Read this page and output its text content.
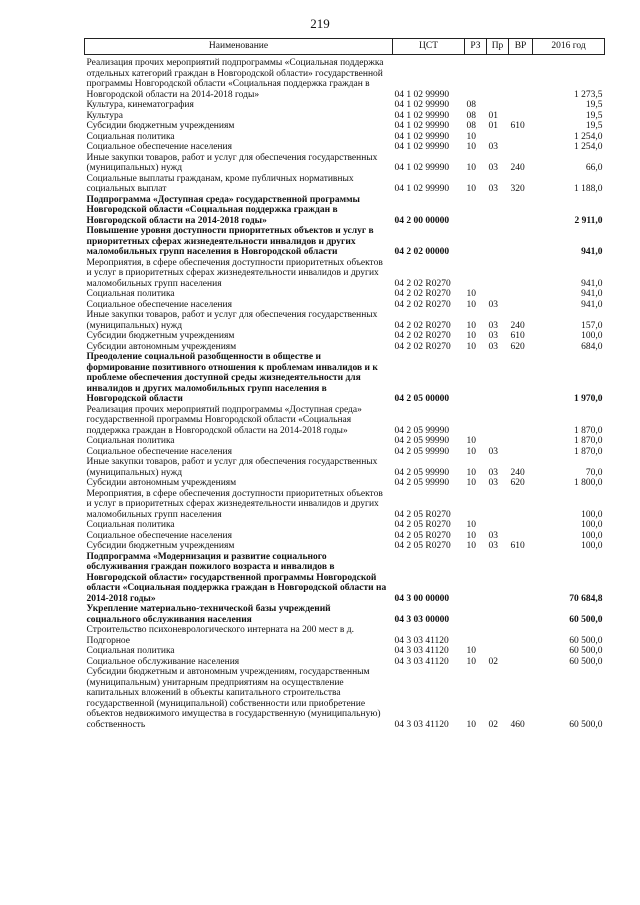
219
Наименование	ЦСТ	РЗ	Пр	ВР	2016 год

Реализация прочих мероприятий подпрограммы «Социальная поддержка отдельных категорий граждан в Новгородской области» государственной программы Новгородской области «Социальная поддержка граждан в Новгородской области на 2014-2018 годы»	04 1 02 99990				1 273,5
Культура, кинематография	04 1 02 99990	08			19,5
Культура	04 1 02 99990	08	01		19,5
Субсидии бюджетным учреждениям	04 1 02 99990	08	01	610	19,5
Социальная политика	04 1 02 99990	10			1 254,0
Социальное обеспечение населения	04 1 02 99990	10	03		1 254,0
Иные закупки товаров, работ и услуг для обеспечения государственных (муниципальных) нужд	04 1 02 99990	10	03	240	66,0
Социальные выплаты гражданам, кроме публичных нормативных социальных выплат	04 1 02 99990	10	03	320	1 188,0
Подпрограмма «Доступная среда» государственной программы Новгородской области «Социальная поддержка граждан в Новгородской области на 2014-2018 годы»	04 2 00 00000				2 911,0
Повышение уровня доступности приоритетных объектов и услуг в приоритетных сферах жизнедеятельности инвалидов и других маломобильных групп населения в Новгородской области	04 2 02 00000				941,0
Мероприятия, в сфере обеспечения доступности приоритетных объектов и услуг в приоритетных сферах жизнедеятельности инвалидов и других маломобильных групп населения	04 2 02 R0270				941,0
Социальная политика	04 2 02 R0270	10			941,0
Социальное обеспечение населения	04 2 02 R0270	10	03		941,0
Иные закупки товаров, работ и услуг для обеспечения государственных (муниципальных) нужд	04 2 02 R0270	10	03	240	157,0
Субсидии бюджетным учреждениям	04 2 02 R0270	10	03	610	100,0
Субсидии автономным учреждениям	04 2 02 R0270	10	03	620	684,0
Преодоление социальной разобщенности в обществе и формирование позитивного отношения к проблемам инвалидов и к проблеме обеспечения доступной среды жизнедеятельности для инвалидов и других маломобильных групп населения в Новгородской области	04 2 05 00000				1 970,0
Реализация прочих мероприятий подпрограммы «Доступная среда» государственной программы Новгородской области «Социальная поддержка граждан в Новгородской области на 2014-2018 годы»	04 2 05 99990				1 870,0
Социальная политика	04 2 05 99990	10			1 870,0
Социальное обеспечение населения	04 2 05 99990	10	03		1 870,0
Иные закупки товаров, работ и услуг для обеспечения государственных (муниципальных) нужд	04 2 05 99990	10	03	240	70,0
Субсидии автономным учреждениям	04 2 05 99990	10	03	620	1 800,0
Мероприятия, в сфере обеспечения доступности приоритетных объектов и услуг в приоритетных сферах жизнедеятельности инвалидов и других маломобильных групп населения	04 2 05 R0270				100,0
Социальная политика	04 2 05 R0270	10			100,0
Социальное обеспечение населения	04 2 05 R0270	10	03		100,0
Субсидии бюджетным учреждениям	04 2 05 R0270	10	03	610	100,0
Подпрограмма «Модернизация и развитие социального обслуживания граждан пожилого возраста и инвалидов в Новгородской области» государственной программы Новгородской области «Социальная поддержка граждан в Новгородской области на 2014-2018 годы»	04 3 00 00000				70 684,8
Укрепление материально-технической базы учреждений социального обслуживания населения	04 3 03 00000				60 500,0
Строительство психоневрологического интерната на 200 мест в д. Подгорное	04 3 03 41120				60 500,0
Социальная политика	04 3 03 41120	10			60 500,0
Социальное обслуживание населения	04 3 03 41120	10	02		60 500,0
Субсидии бюджетным и автономным учреждениям, государственным (муниципальным) унитарным предприятиям на осуществление капитальных вложений в объекты капитального строительства государственной (муниципальной) собственности или приобретение объектов недвижимого имущества в государственную (муниципальную) собственность	04 3 03 41120	10	02	460	60 500,0
